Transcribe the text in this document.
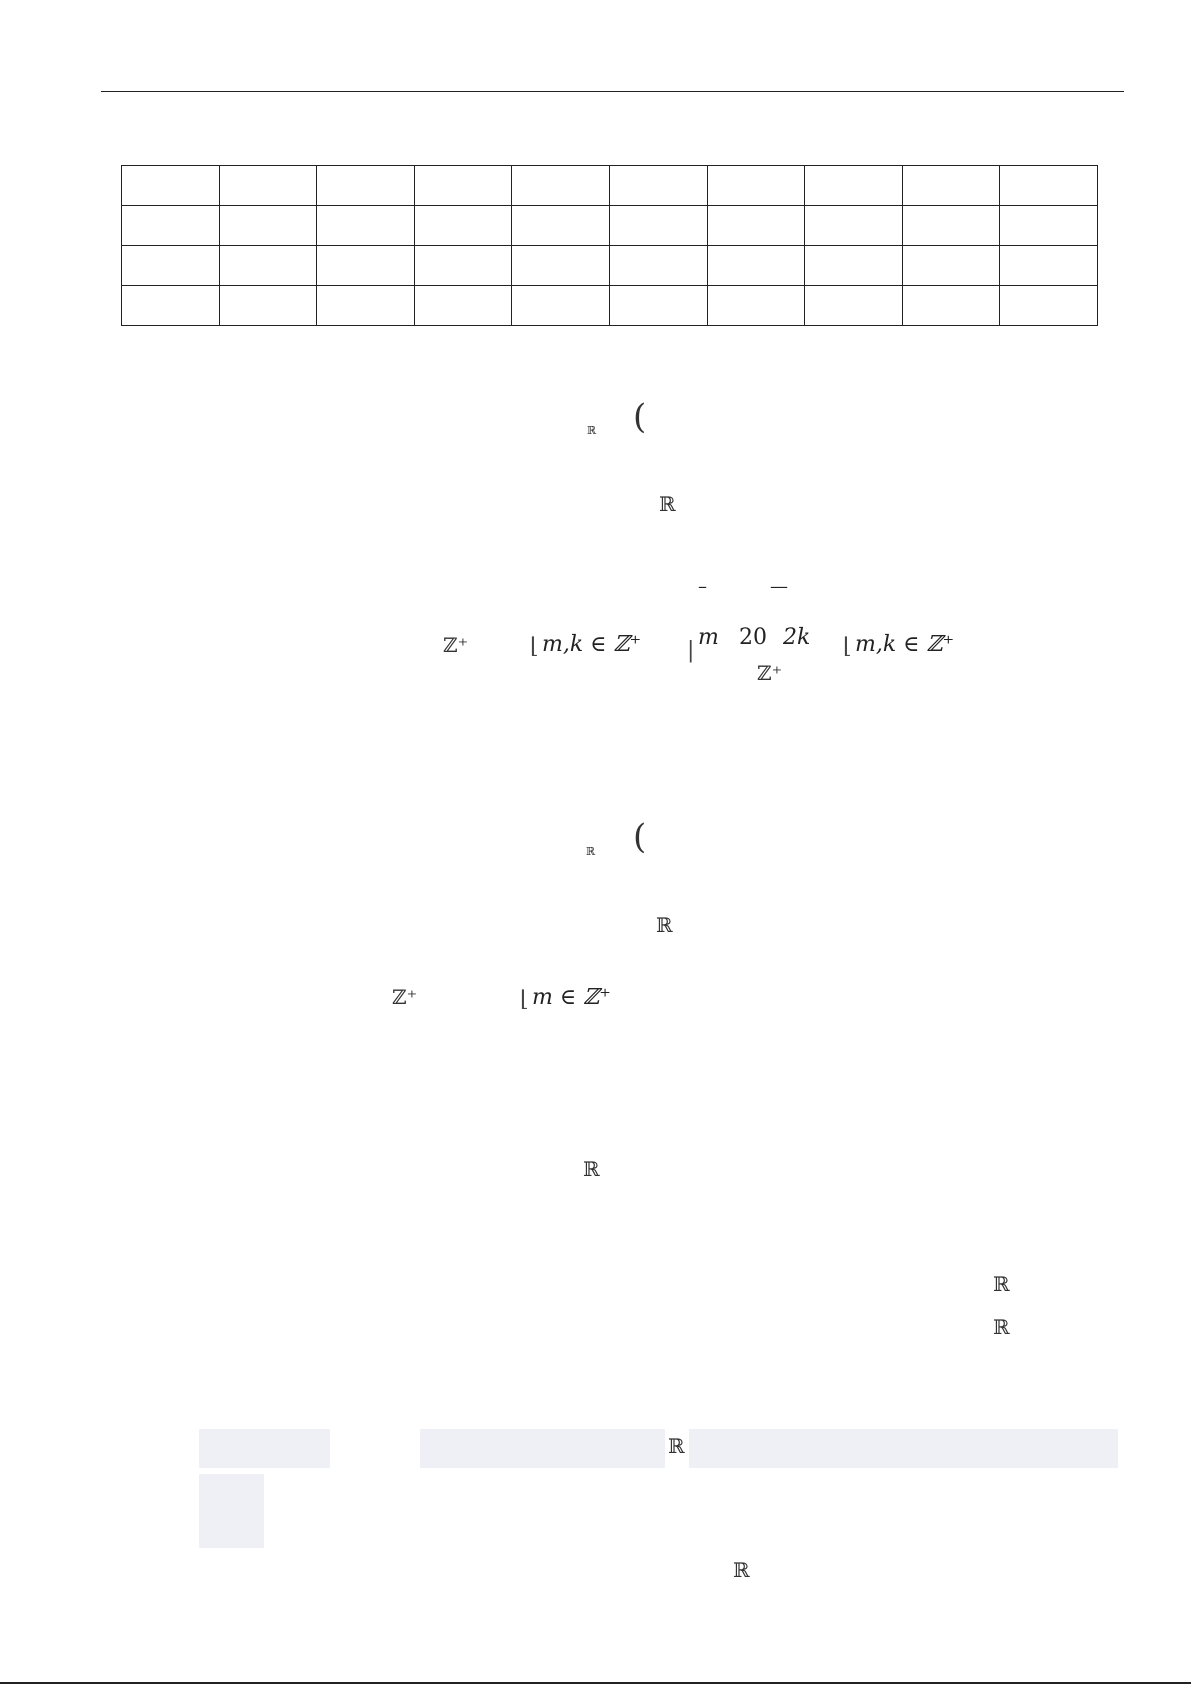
ℝ (
ℝ
–	—
ℤ⁺	⌊ m,k ∈ ℤ⁺ |
m 20 2k
ℤ⁺
⌊ m,k ∈ ℤ⁺
ℝ (
ℝ
ℤ⁺	⌊ m ∈ ℤ⁺
ℝ
ℝ
ℝ
ℝ
ℝ
